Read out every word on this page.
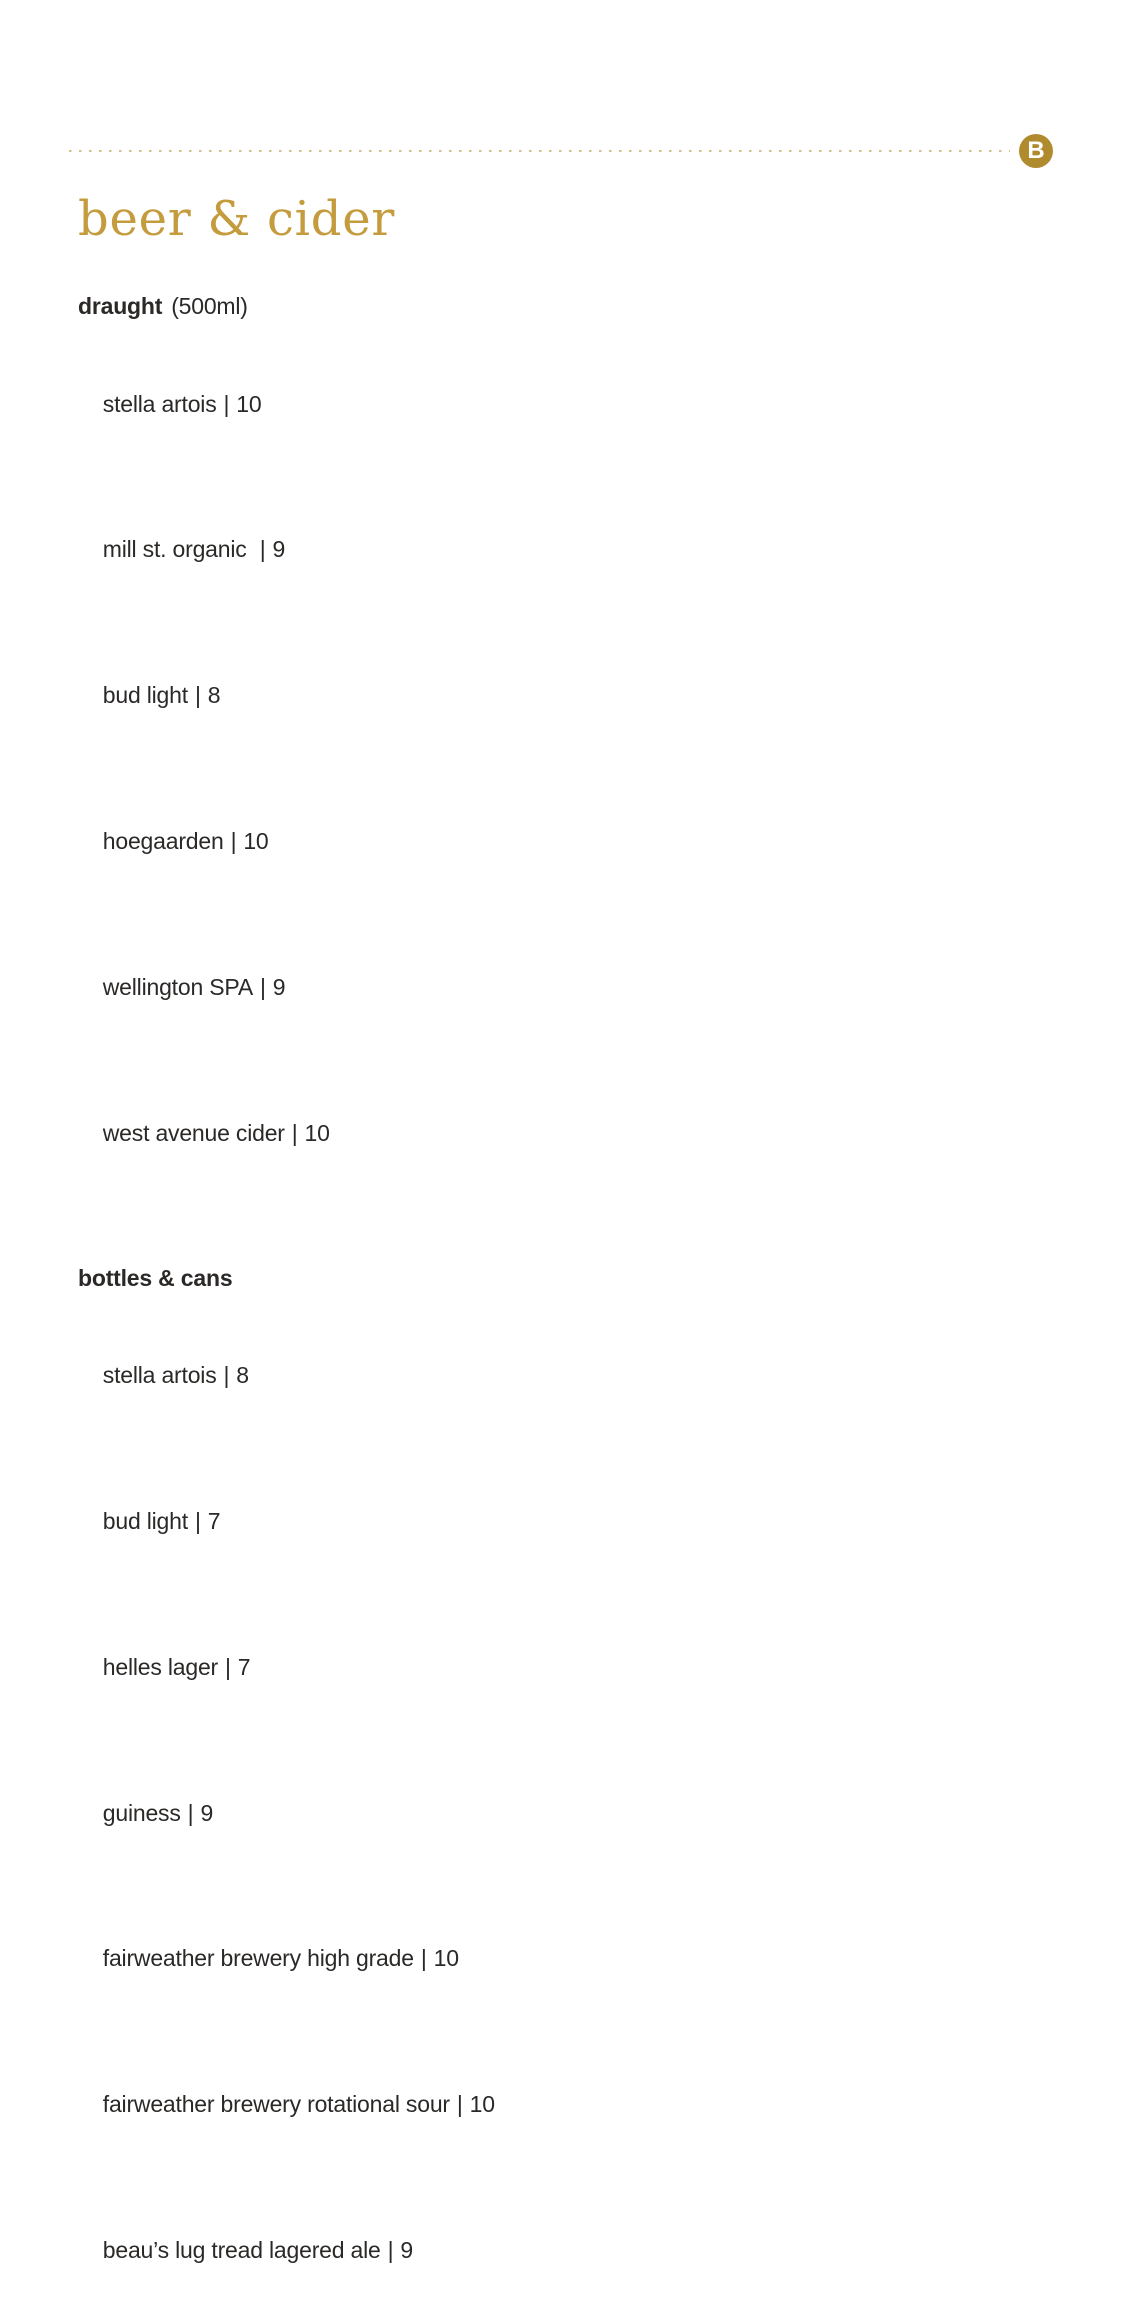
B
beer & cider
draught (500ml)

stella artois | 10

mill st. organic | 9

bud light | 8

hoegaarden | 10

wellington SPA | 9

west avenue cider | 10

bottles & cans

stella artois | 8

bud light | 7

helles lager | 7

guiness | 9

fairweather brewery high grade | 10

fairweather brewery rotational sour | 10

beau’s lug tread lagered ale | 9
